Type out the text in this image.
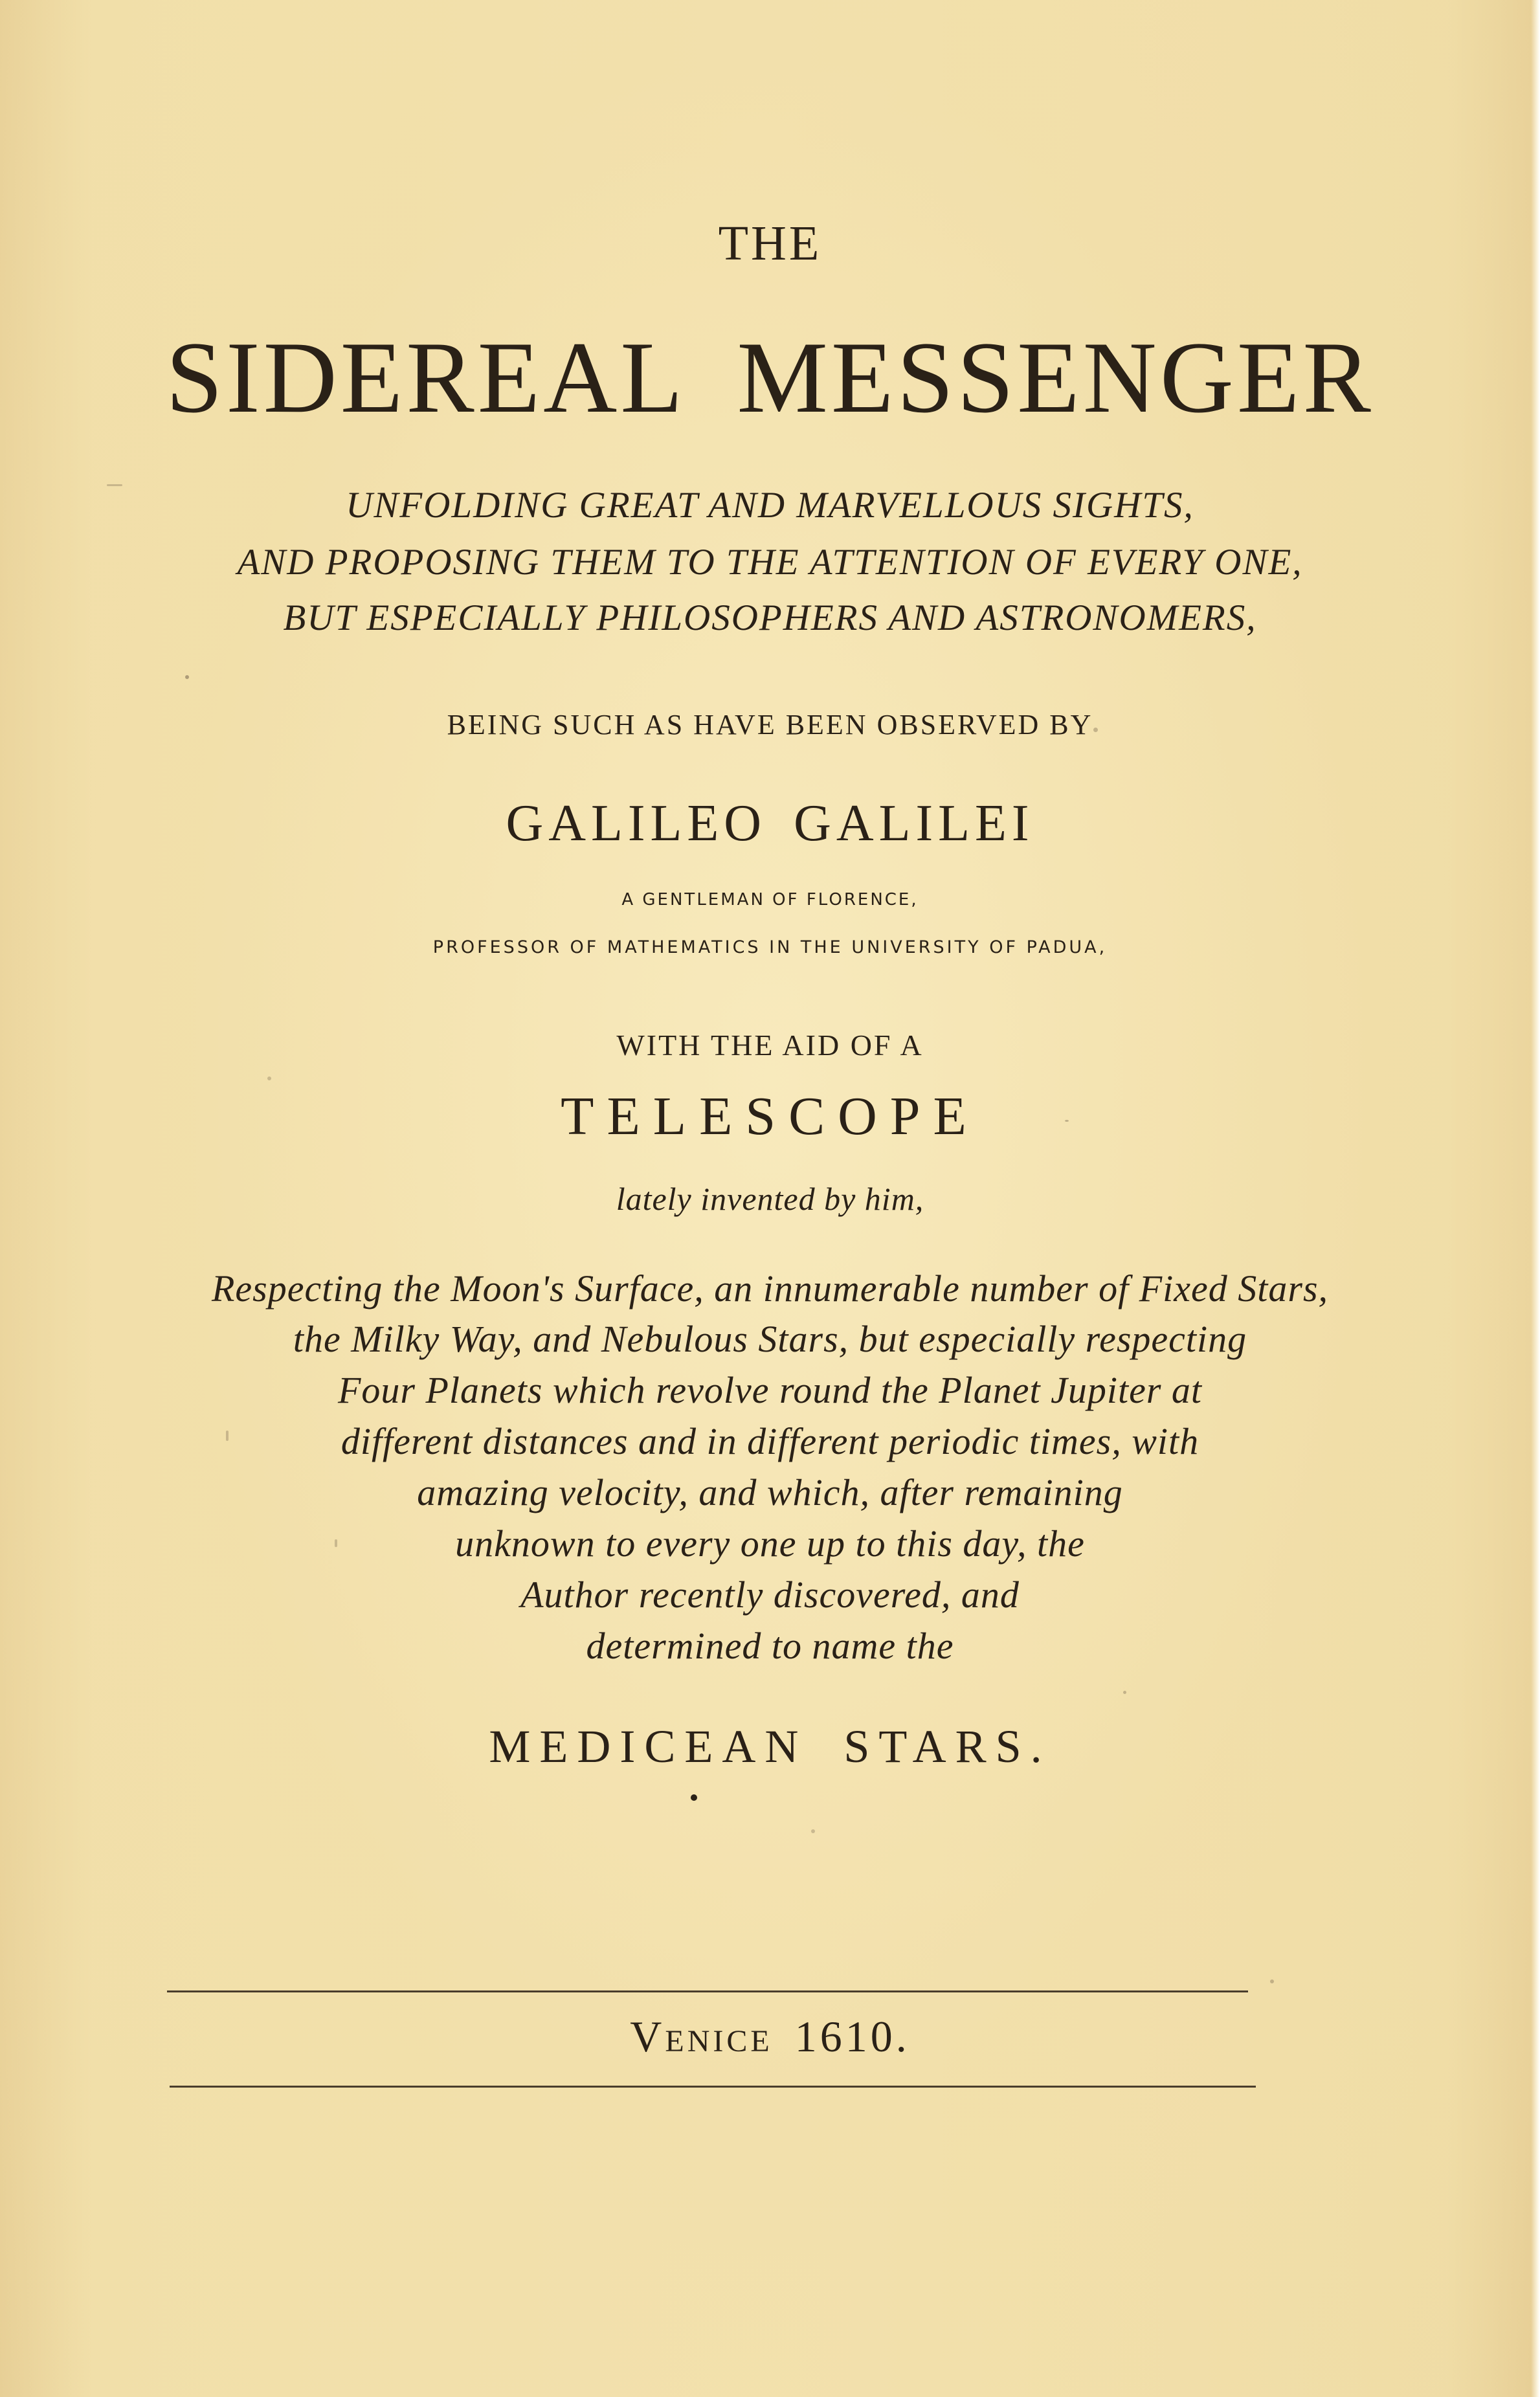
THE

SIDEREAL MESSENGER

UNFOLDING GREAT AND MARVELLOUS SIGHTS,

AND PROPOSING THEM TO THE ATTENTION OF EVERY ONE,

BUT ESPECIALLY PHILOSOPHERS AND ASTRONOMERS,

BEING SUCH AS HAVE BEEN OBSERVED BY

GALILEO GALILEI

A GENTLEMAN OF FLORENCE,

PROFESSOR OF MATHEMATICS IN THE UNIVERSITY OF PADUA,

WITH THE AID OF A

TELESCOPE

lately invented by him,

Respecting the Moon's Surface, an innumerable number of Fixed Stars,

the Milky Way, and Nebulous Stars, but especially respecting

Four Planets which revolve round the Planet Jupiter at

different distances and in different periodic times, with

amazing velocity, and which, after remaining

unknown to every one up to this day, the

Author recently discovered, and

determined to name the

MEDICEAN STARS.

Venice 1610.
